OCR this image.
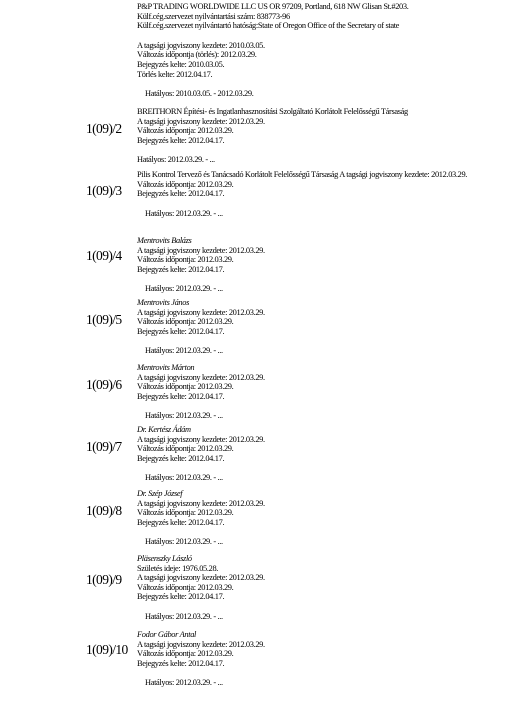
P&P TRADING WORLDWIDE LLC US OR 97209, Portland, 618 NW Glisan St.#203.
Külf.cég.szervezet nyilvántartási szám: 838773-96
Külf.cég.szervezet nyilvántartó hatóság:State of Oregon Office of the Secretary of state
A tagsági jogviszony kezdete: 2010.03.05.
Változás időpontja (törlés): 2012.03.29.
Bejegyzés kelte: 2010.03.05.
Törlés kelte: 2012.04.17.
Hatályos: 2010.03.05. - 2012.03.29.
1(09)/2
BREITHORN Építési- és Ingatlanhasznosítási Szolgáltató Korlátolt Felelősségű Társaság
A tagsági jogviszony kezdete: 2012.03.29.
Változás időpontja: 2012.03.29.
Bejegyzés kelte: 2012.04.17.
Hatályos: 2012.03.29. - ...
1(09)/3
Pilis Kontrol Tervező és Tanácsadó Korlátolt Felelősségű Társaság A tagsági jogviszony kezdete: 2012.03.29.
Változás időpontja: 2012.03.29.
Bejegyzés kelte: 2012.04.17.
Hatályos: 2012.03.29. - ...
1(09)/4
Mentrovits Balázs
A tagsági jogviszony kezdete: 2012.03.29.
Változás időpontja: 2012.03.29.
Bejegyzés kelte: 2012.04.17.
Hatályos: 2012.03.29. - ...
1(09)/5
Mentrovits János
A tagsági jogviszony kezdete: 2012.03.29.
Változás időpontja: 2012.03.29.
Bejegyzés kelte: 2012.04.17.
Hatályos: 2012.03.29. - ...
1(09)/6
Mentrovits Márton
A tagsági jogviszony kezdete: 2012.03.29.
Változás időpontja: 2012.03.29.
Bejegyzés kelte: 2012.04.17.
Hatályos: 2012.03.29. - ...
1(09)/7
Dr. Kertész Ádám
A tagsági jogviszony kezdete: 2012.03.29.
Változás időpontja: 2012.03.29.
Bejegyzés kelte: 2012.04.17.
Hatályos: 2012.03.29. - ...
1(09)/8
Dr. Szép József
A tagsági jogviszony kezdete: 2012.03.29.
Változás időpontja: 2012.03.29.
Bejegyzés kelte: 2012.04.17.
Hatályos: 2012.03.29. - ...
1(09)/9
Pläsenszky László
Születés ideje: 1976.05.28.
A tagsági jogviszony kezdete: 2012.03.29.
Változás időpontja: 2012.03.29.
Bejegyzés kelte: 2012.04.17.
Hatályos: 2012.03.29. - ...
1(09)/10
Fodor Gábor Antal
A tagsági jogviszony kezdete: 2012.03.29.
Változás időpontja: 2012.03.29.
Bejegyzés kelte: 2012.04.17.
Hatályos: 2012.03.29. - ...
